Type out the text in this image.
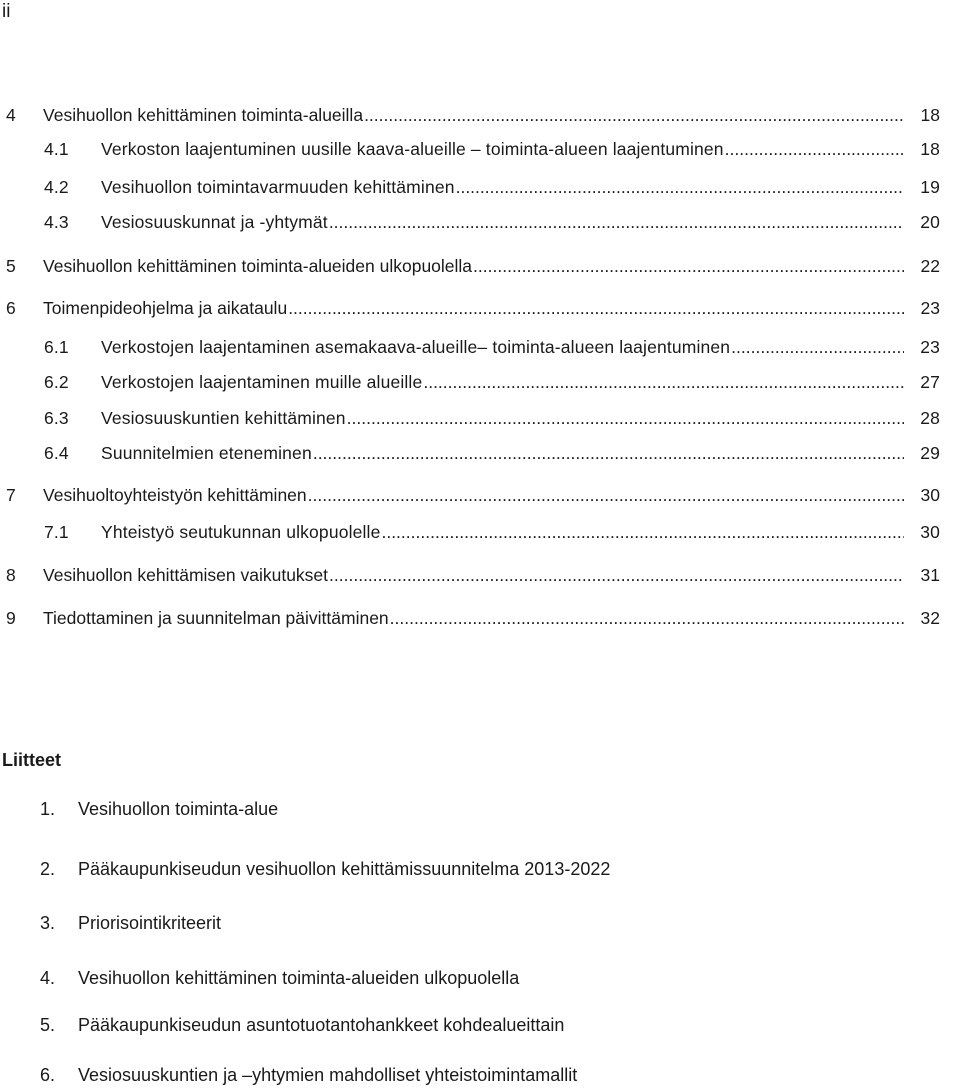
ii
4 Vesihuollon kehittäminen toiminta-alueilla .....	18
4.1 Verkoston laajentuminen uusille kaava-alueille – toiminta-alueen laajentuminen .....	18
4.2 Vesihuollon toimintavarmuuden kehittäminen .....	19
4.3 Vesiosuuskunnat ja -yhtymät .....	20
5 Vesihuollon kehittäminen toiminta-alueiden ulkopuolella .....	22
6 Toimenpideohjelma ja aikataulu .....	23
6.1 Verkostojen laajentaminen asemakaava-alueille– toiminta-alueen laajentuminen .....	23
6.2 Verkostojen laajentaminen muille alueille .....	27
6.3 Vesiosuuskuntien kehittäminen .....	28
6.4 Suunnitelmien eteneminen .....	29
7 Vesihuoltoyhteistyön kehittäminen .....	30
7.1 Yhteistyö seutukunnan ulkopuolelle .....	30
8 Vesihuollon kehittämisen vaikutukset .....	31
9 Tiedottaminen ja suunnitelman päivittäminen .....	32
Liitteet
1. Vesihuollon toiminta-alue
2. Pääkaupunkiseudun vesihuollon kehittämissuunnitelma 2013-2022
3. Priorisointikriteerit
4. Vesihuollon kehittäminen toiminta-alueiden ulkopuolella
5. Pääkaupunkiseudun asuntotuotantohankkeet kohdealueittain
6. Vesiosuuskuntien ja –yhtymien mahdolliset yhteistoimintamallit
